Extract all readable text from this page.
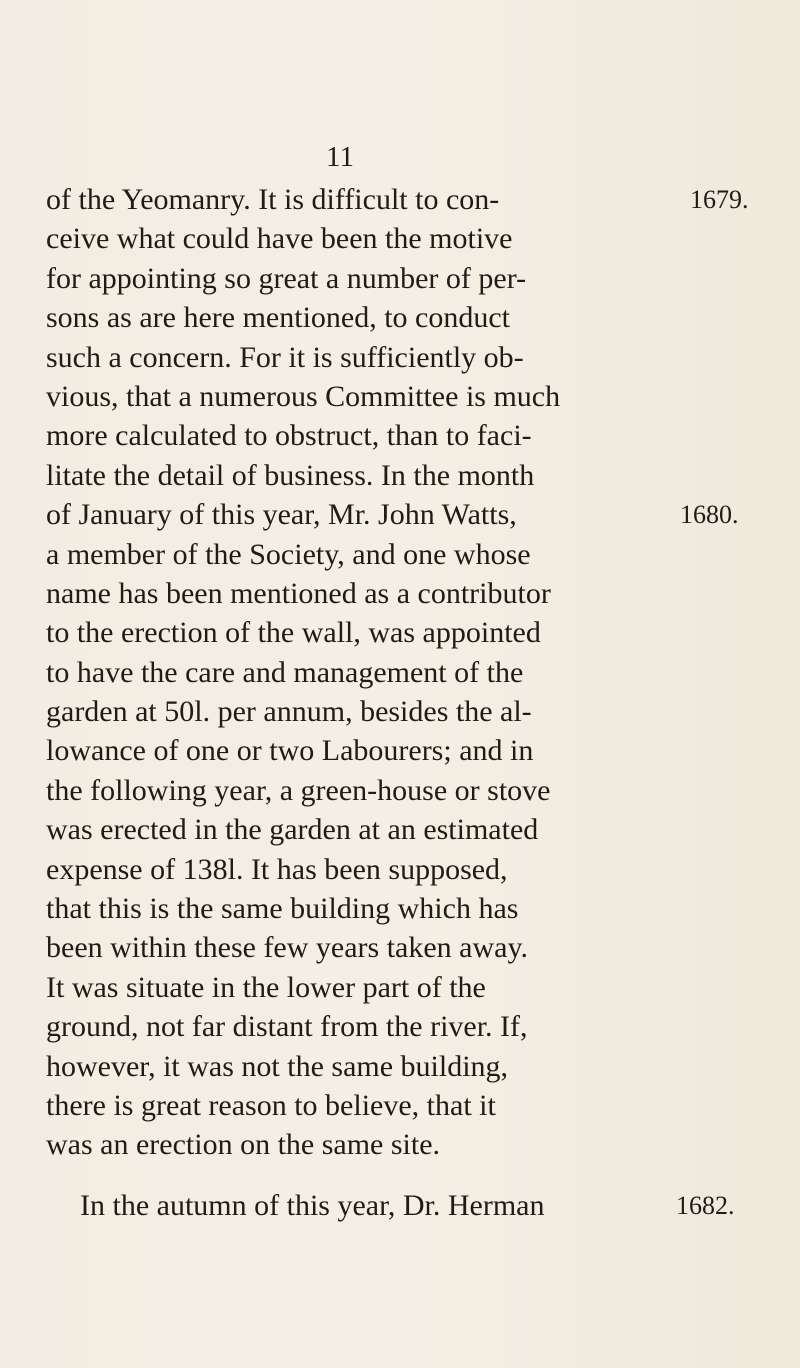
11
of the Yeomanry. It is difficult to con-	1679.
ceive what could have been the motive
for appointing so great a number of per-
sons as are here mentioned, to conduct
such a concern. For it is sufficiently ob-
vious, that a numerous Committee is much
more calculated to obstruct, than to faci-
litate the detail of business. In the month
of January of this year, Mr. John Watts,	1680.
a member of the Society, and one whose
name has been mentioned as a contributor
to the erection of the wall, was appointed
to have the care and management of the
garden at 50l. per annum, besides the al-
lowance of one or two Labourers; and in
the following year, a green-house or stove
was erected in the garden at an estimated
expense of 138l. It has been supposed,
that this is the same building which has
been within these few years taken away.
It was situate in the lower part of the
ground, not far distant from the river. If,
however, it was not the same building,
there is great reason to believe, that it
was an erection on the same site.
In the autumn of this year, Dr. Herman	1682.
